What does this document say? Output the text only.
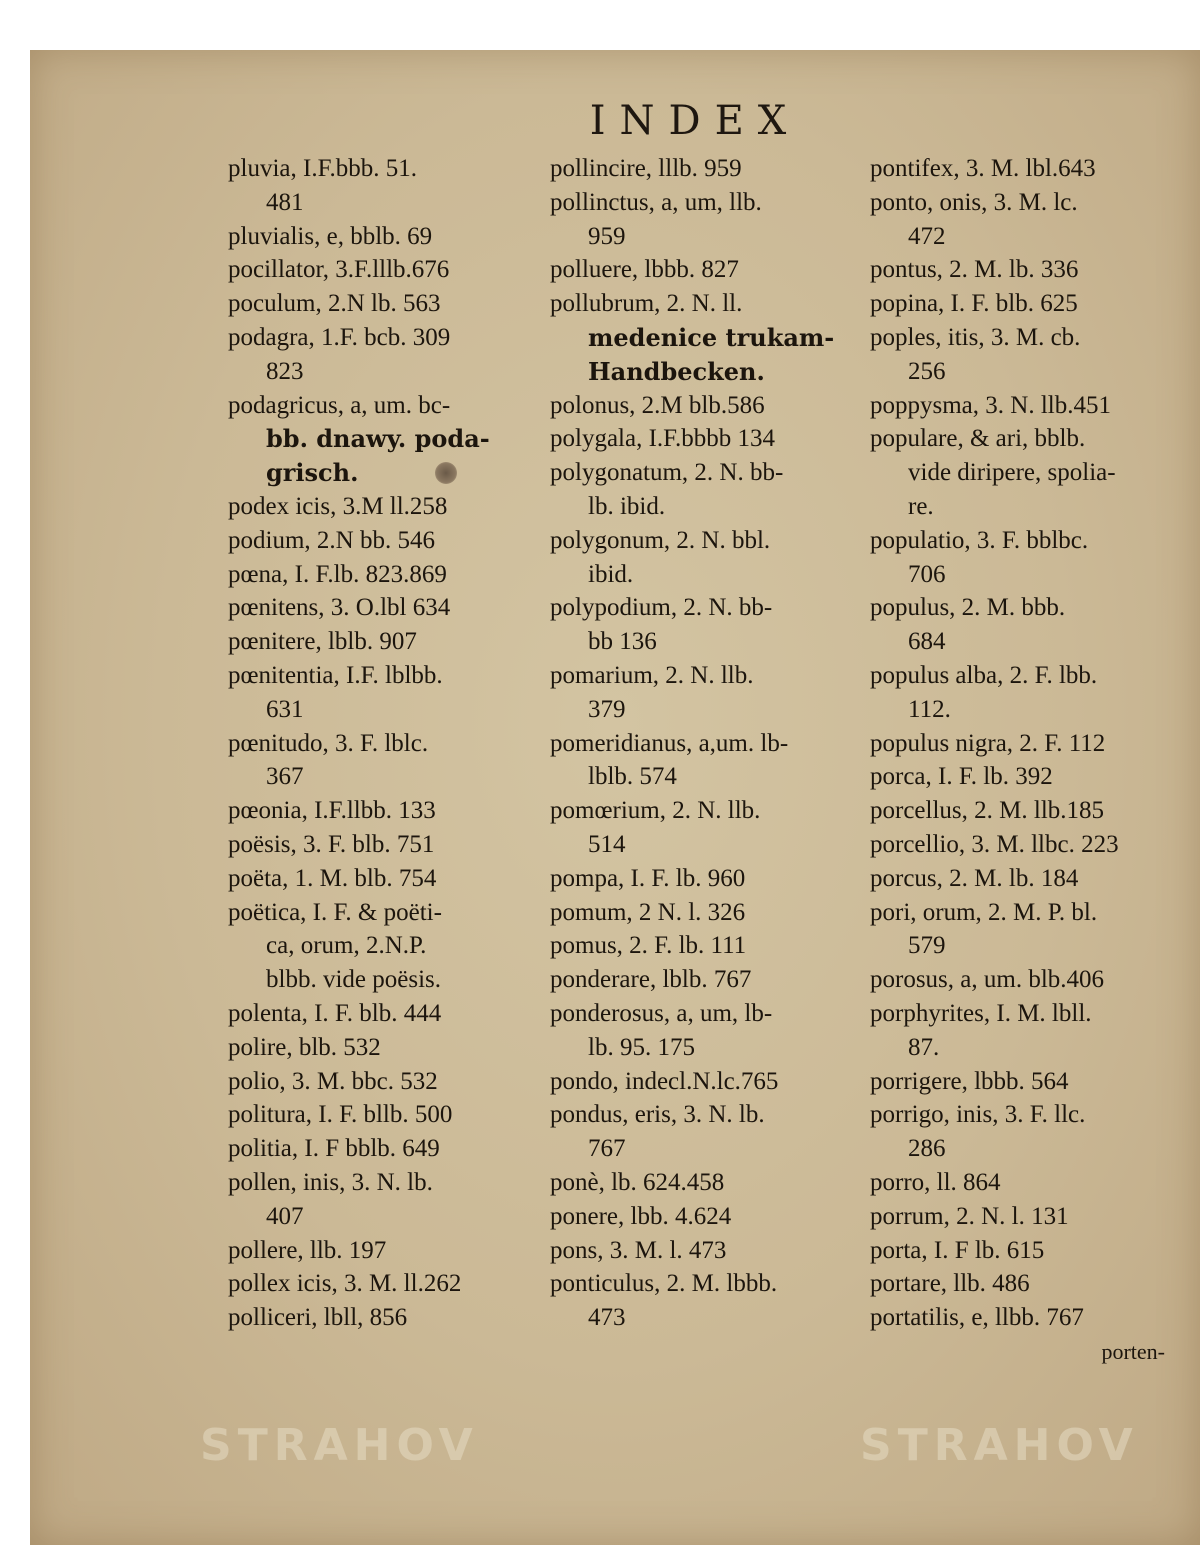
INDEX
pluvia, I.F.bbb. 51.
481
pluvialis, e, bblb. 69
pocillator, 3.F.lllb.676
poculum, 2.N lb. 563
podagra, 1.F. bcb. 309
823
podagricus, a, um. bc-
bb. dnawy. poda-
grisch.
podex icis, 3.M ll.258
podium, 2.N bb. 546
pœna, I. F.lb. 823.869
pœnitens, 3. O.lbl 634
pœnitere, lblb. 907
pœnitentia, I.F. lblbb.
631
pœnitudo, 3. F. lblc.
367
pœonia, I.F.llbb. 133
poësis, 3. F. blb. 751
poëta, 1. M. blb. 754
poëtica, I. F. & poëti-
ca, orum, 2.N.P.
blbb. vide poësis.
polenta, I. F. blb. 444
polire, blb. 532
polio, 3. M. bbc. 532
politura, I. F. bllb. 500
politia, I. F bblb. 649
pollen, inis, 3. N. lb.
407
pollere, llb. 197
pollex icis, 3. M. ll.262
polliceri, lbll, 856
pollincire, lllb. 959
pollinctus, a, um, llb.
959
polluere, lbbb. 827
pollubrum, 2. N. ll.
medenice trukam-
Handbecken.
polonus, 2.M blb.586
polygala, I.F.bbbb 134
polygonatum, 2. N. bb-
lb. ibid.
polygonum, 2. N. bbl.
ibid.
polypodium, 2. N. bb-
bb 136
pomarium, 2. N. llb.
379
pomeridianus, a,um. lb-
lblb. 574
pomœrium, 2. N. llb.
514
pompa, I. F. lb. 960
pomum, 2 N. l. 326
pomus, 2. F. lb. 111
ponderare, lblb. 767
ponderosus, a, um, lb-
lb. 95. 175
pondo, indecl.N.lc.765
pondus, eris, 3. N. lb.
767
ponè, lb. 624.458
ponere, lbb. 4.624
pons, 3. M. l. 473
ponticulus, 2. M. lbbb.
473
pontifex, 3. M. lbl.643
ponto, onis, 3. M. lc.
472
pontus, 2. M. lb. 336
popina, I. F. blb. 625
poples, itis, 3. M. cb.
256
poppysma, 3. N. llb.451
populare, & ari, bblb.
vide diripere, spolia-
re.
populatio, 3. F. bblbc.
706
populus, 2. M. bbb.
684
populus alba, 2. F. lbb.
112.
populus nigra, 2. F. 112
porca, I. F. lb. 392
porcellus, 2. M. llb.185
porcellio, 3. M. llbc. 223
porcus, 2. M. lb. 184
pori, orum, 2. M. P. bl.
579
porosus, a, um. blb.406
porphyrites, I. M. lbll.
87.
porrigere, lbbb. 564
porrigo, inis, 3. F. llc.
286
porro, ll. 864
porrum, 2. N. l. 131
porta, I. F lb. 615
portare, llb. 486
portatilis, e, llbb. 767
porten-
STRAHOV	STRAHOV
